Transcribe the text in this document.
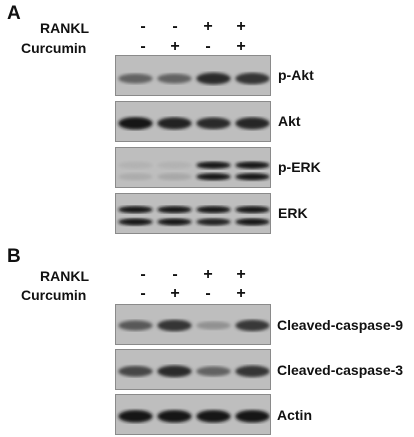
A
RANKL	- - + +
Curcumin	- + - +
p-Akt
Akt
p-ERK
ERK
B
RANKL	- - + +
Curcumin	- + - +
Cleaved-caspase-9
Cleaved-caspase-3
Actin
